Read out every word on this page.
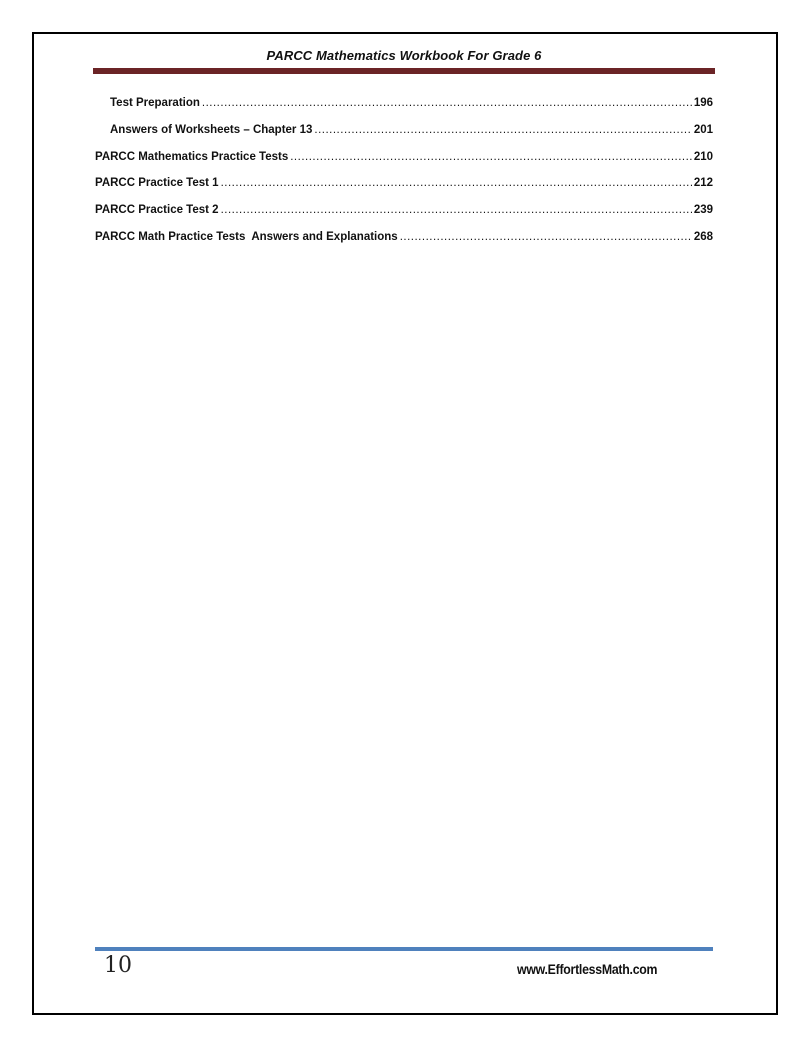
PARCC Mathematics Workbook For Grade 6
Test Preparation .....	196
Answers of Worksheets – Chapter 13 .....	201
PARCC Mathematics Practice Tests .....	210
PARCC Practice Test 1 .....	212
PARCC Practice Test 2 .....	239
PARCC Math Practice Tests  Answers and Explanations .....	268
10	www.EffortlessMath.com
